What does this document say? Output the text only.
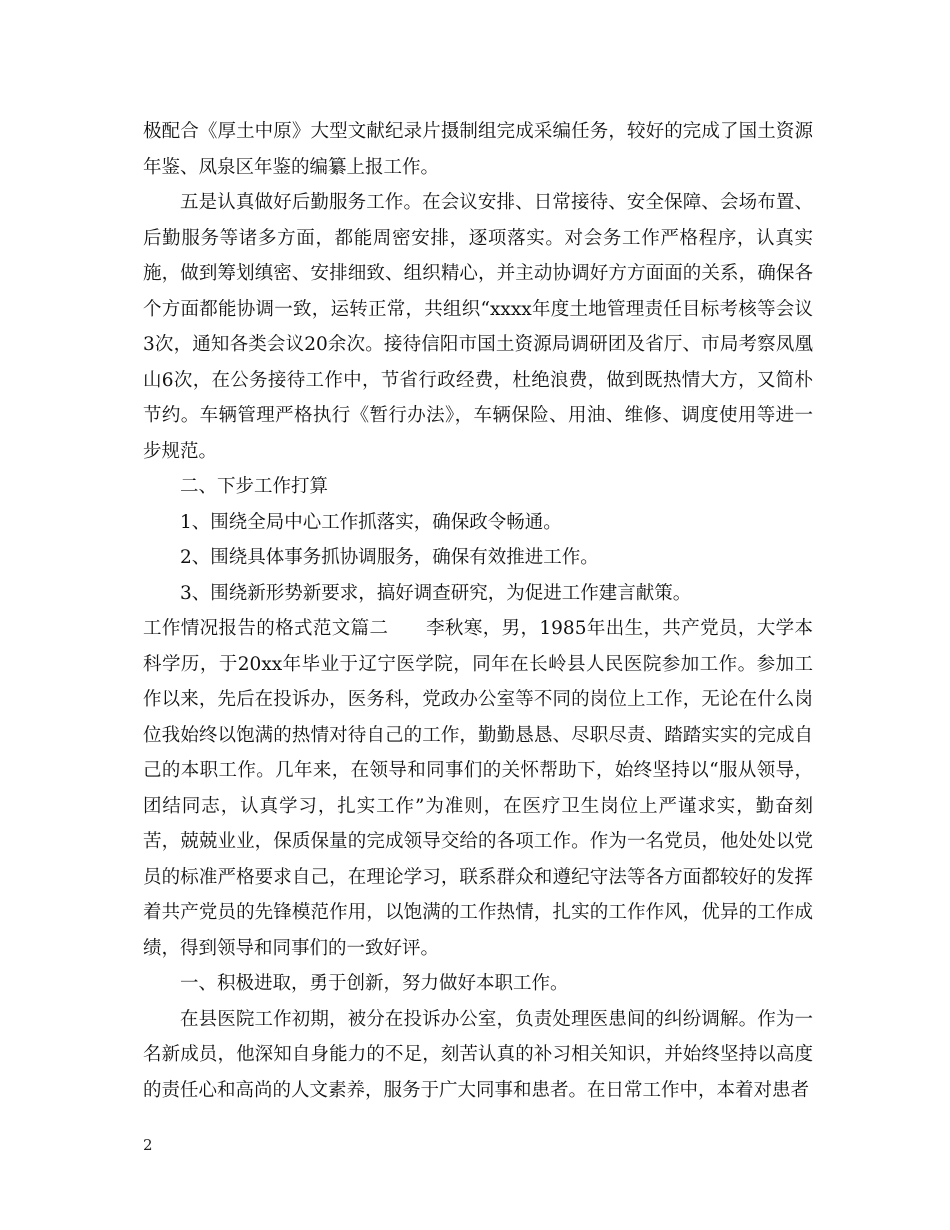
极配合《厚土中原》大型文献纪录片摄制组完成采编任务，较好的完成了国土资源年鉴、凤泉区年鉴的编纂上报工作。

五是认真做好后勤服务工作。在会议安排、日常接待、安全保障、会场布置、后勤服务等诸多方面，都能周密安排，逐项落实。对会务工作严格程序，认真实施，做到筹划缜密、安排细致、组织精心，并主动协调好方方面面的关系，确保各个方面都能协调一致，运转正常，共组织“xxxx年度土地管理责任目标考核等会议3次，通知各类会议20余次。接待信阳市国土资源局调研团及省厅、市局考察凤凰山6次，在公务接待工作中，节省行政经费，杜绝浪费，做到既热情大方，又简朴节约。车辆管理严格执行《暂行办法》，车辆保险、用油、维修、调度使用等进一步规范。

二、下步工作打算

1、围绕全局中心工作抓落实，确保政令畅通。

2、围绕具体事务抓协调服务，确保有效推进工作。

3、围绕新形势新要求，搞好调查研究，为促进工作建言献策。

工作情况报告的格式范文篇二　　李秋寒，男，1985年出生，共产党员，大学本科学历，于20xx年毕业于辽宁医学院，同年在长岭县人民医院参加工作。参加工作以来，先后在投诉办，医务科，党政办公室等不同的岗位上工作，无论在什么岗位我始终以饱满的热情对待自己的工作，勤勤恳恳、尽职尽责、踏踏实实的完成自己的本职工作。几年来，在领导和同事们的关怀帮助下，始终坚持以“服从领导，团结同志，认真学习，扎实工作”为准则，在医疗卫生岗位上严谨求实，勤奋刻苦，兢兢业业，保质保量的完成领导交给的各项工作。作为一名党员，他处处以党员的标准严格要求自己，在理论学习，联系群众和遵纪守法等各方面都较好的发挥着共产党员的先锋模范作用，以饱满的工作热情，扎实的工作作风，优异的工作成绩，得到领导和同事们的一致好评。

一、积极进取，勇于创新，努力做好本职工作。

在县医院工作初期，被分在投诉办公室，负责处理医患间的纠纷调解。作为一名新成员，他深知自身能力的不足，刻苦认真的补习相关知识，并始终坚持以高度的责任心和高尚的人文素养，服务于广大同事和患者。在日常工作中，本着对患者

2
